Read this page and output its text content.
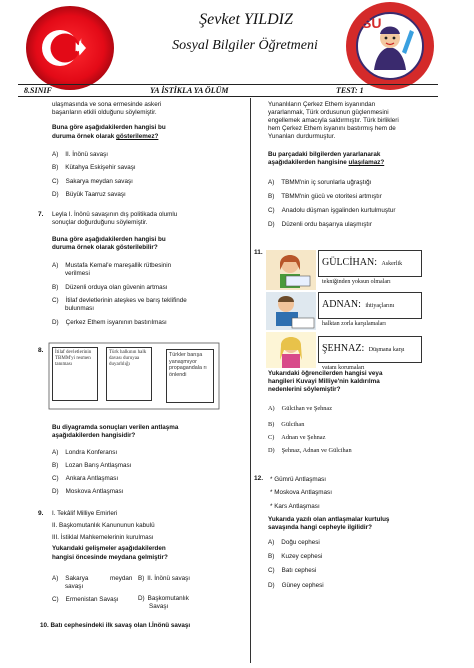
Şevket YILDIZ
Sosyal Bilgiler Öğretmeni
SU
DAMLAYAN BİR MUTLULUK BİR GÜNLÜK YOLU KOLAY
8.SINIF	YA İSTİKLA YA ÖLÜM	TEST: 1
ulaşmasında ve sona ermesinde askeri
başarıların etkili olduğunu söylemiştir.
Buna göre aşağıdakilerden hangisi bu
duruma örnek olarak gösterilemez?
A) II. İnönü savaşı
B) Kütahya Eskişehir savaşı
C) Sakarya meydan savaşı
D) Büyük Taarruz savaşı
7. Leyla I. İnönü savaşının dış politikada olumlu
sonuçlar doğurduğunu söylemiştir.
Buna göre aşağıdakilerden hangisi bu
duruma örnek olarak gösterilebilir?
A) Mustafa Kemal'e mareşallik rütbesinin
verilmesi
B) Düzenli orduya olan güvenin artması
C) İtilaf devletlerinin ateşkes ve barış teklifinde
bulunması
D) Çerkez Ethem isyanının bastırılması
8.	İtilaf devletlerinin TBMM'yi resmen tanıması
Türk halkının halk davası duruyaa duyarlılığı
Türkler barışa yanaşmıyor propagandala rı önlendi
Bu diyagramda sonuçları verilen antlaşma
aşağıdakilerden hangisidir?
A) Londra Konferansı
B) Lozan Barış Antlaşması
C) Ankara Antlaşması
D) Moskova Antlaşması
9. I. Tekâlif Milliye Emirleri
II. Başkomutanlık Kanununun kabulü
III. İstiklal Mahkemelerinin kurulması
Yukarıdaki gelişmeler aşağıdakilerden
hangisi öncesinde meydana gelmiştir?
A) Sakarya	meydan
savaşı
B) II. İnönü savaşı
C) Ermenistan Savaşı	D) Başkomutanlık
Savaşı
10. Batı cephesindeki ilk savaş olan I.İnönü savaşı
Yunanlıların Çerkez Ethem isyanından
yararlanmak, Türk ordusunun güçlenmesini
engellemek amacıyla saldırmıştır. Türk birlikleri
hem Çerkez Ethem isyanını bastırmış hem de
Yunanları durdurmuştur.
Bu parçadaki bilgilerden yararlanarak
aşağıdakilerden hangisine ulaşılamaz?
A) TBMM'nin iç sorunlarla uğraştığı
B) TBMM'nin gücü ve otoritesi artmıştır
C) Anadolu düşman işgalinden kurtulmuştur
D) Düzenli ordu başarıya ulaşmıştır
11.
GÜLCİHAN: Askerlik
tekniğinden yoksun olmaları
ADNAN: ihtiyaçlarını
halktan zorla karşılamaları
ŞEHNAZ: Düşmana karşı
vatanı korumaları
Yukarıdaki öğrencilerden hangisi veya
hangileri Kuvayi Milliye'nin kaldırılma
nedenlerini söylemiştir?
A) Gülcihan ve Şehnaz
B) Gülcihan
C) Adnan ve Şehnaz
D) Şehnaz, Adnan ve Gülcihan
12. * Gümrü Antlaşması
* Moskova Antlaşması
* Kars Antlaşması
Yukarıda yazılı olan antlaşmalar kurtuluş
savaşında hangi cepheyle ilgilidir?
A) Doğu cephesi
B) Kuzey cephesi
C) Batı cephesi
D) Güney cephesi
